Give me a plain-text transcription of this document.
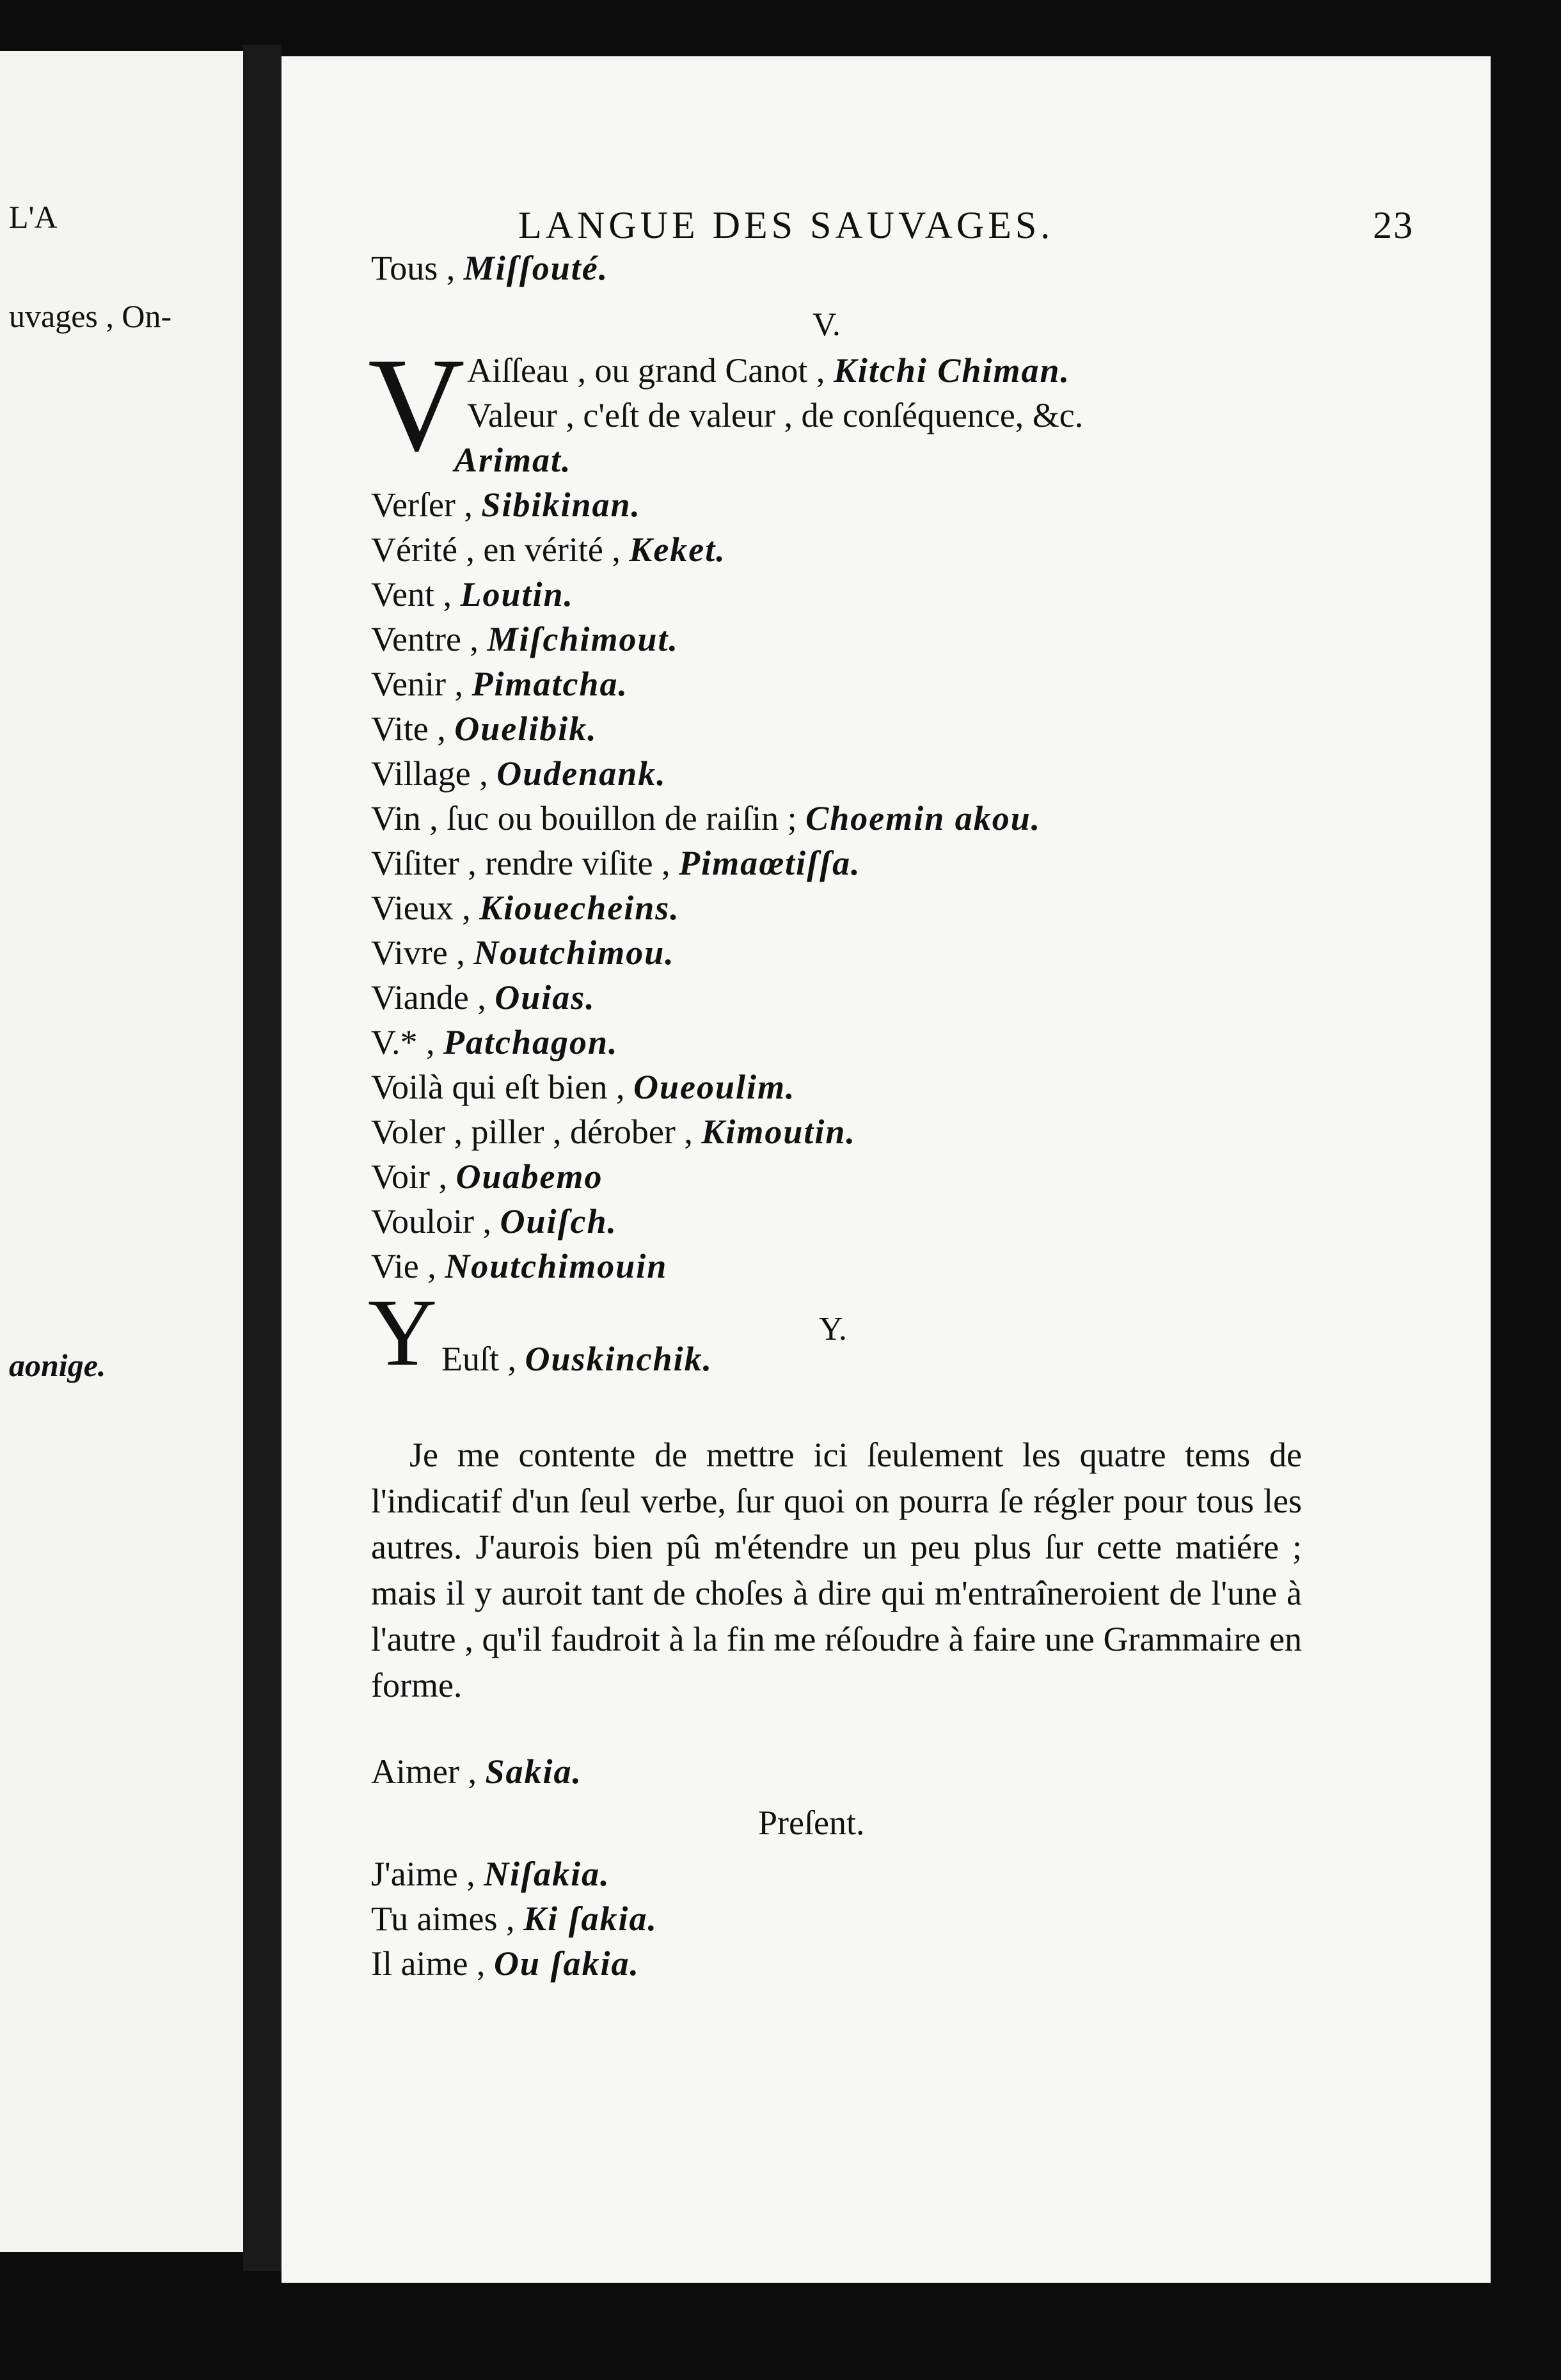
L'A
uvages , On-
aonige.
LANGUE DES SAUVAGES.	23
Tous , Miſſouté.
V.
V Aiſſeau , ou grand Canot , Kitchi Chiman.
Valeur , c'eſt de valeur , de conſéquence, &c.
Arimat.
Verſer , Sibikinan.
Vérité , en vérité , Keket.
Vent , Loutin.
Ventre , Miſchimout.
Venir , Pimatcha.
Vite , Ouelibik.
Village , Oudenank.
Vin , ſuc ou bouillon de raiſin ; Choemin akou.
Viſiter , rendre viſite , Pimaœtiſſa.
Vieux , Kiouecheins.
Vivre , Noutchimou.
Viande , Ouias.
V.* , Patchagon.
Voilà qui eſt bien , Oueoulim.
Voler , piller , dérober , Kimoutin.
Voir , Ouabemo
Vouloir , Ouiſch.
Vie , Noutchimouin
Y.
Y Euſt , Ouskinchik.
Je me contente de mettre ici ſeulement les quatre tems de l'indicatif d'un ſeul verbe, ſur quoi on pourra ſe régler pour tous les autres. J'aurois bien pû m'étendre un peu plus ſur cette matiére ; mais il y auroit tant de choſes à dire qui m'entraîneroient de l'une à l'autre , qu'il faudroit à la fin me réſoudre à faire une Grammaire en forme.
Aimer , Sakia.
Preſent.
J'aime , Niſakia.
Tu aimes , Ki ſakia.
Il aime , Ou ſakia.
